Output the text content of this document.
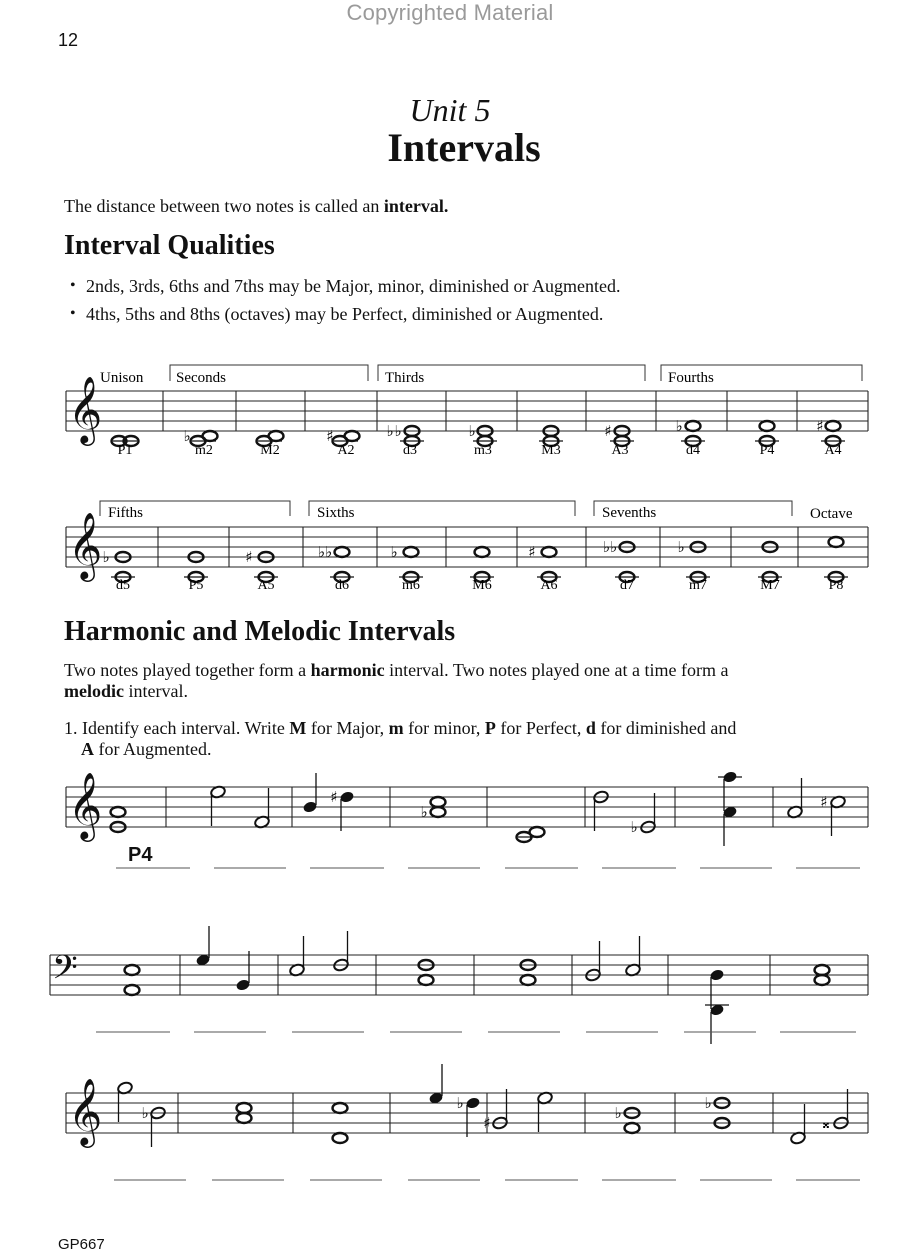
Copyrighted Material
12
Unit 5
Intervals
The distance between two notes is called an interval.
Interval Qualities
• 2nds, 3rds, 6ths and 7ths may be Major, minor, diminished or Augmented.
• 4ths, 5ths and 8ths (octaves) may be Perfect, diminished or Augmented.
Harmonic and Melodic Intervals
Two notes played together form a harmonic interval. Two notes played one at a time form a
melodic interval.
1. Identify each interval. Write M for Major, m for minor, P for Perfect, d for diminished and
A for Augmented.
P4
GP667
𝄞
𝄞
𝄞
𝄢
𝄞
♭	♯	♭
♭	♭	♯	♭	♯
♭	♯	♭♭	♭	♯	♭♭	♭
♯
♭
♭
♯
♭
♭
♯
♭
♭
𝄪
Unison Seconds	Thirds	Fourths
P1	m2	M2	A2	d3	m3	M3	A3	d4	P4	A4
Fifths	Sixths	Sevenths	Octave
d5	P5	A5	d6	m6	M6	A6	d7	m7	M7	P8
